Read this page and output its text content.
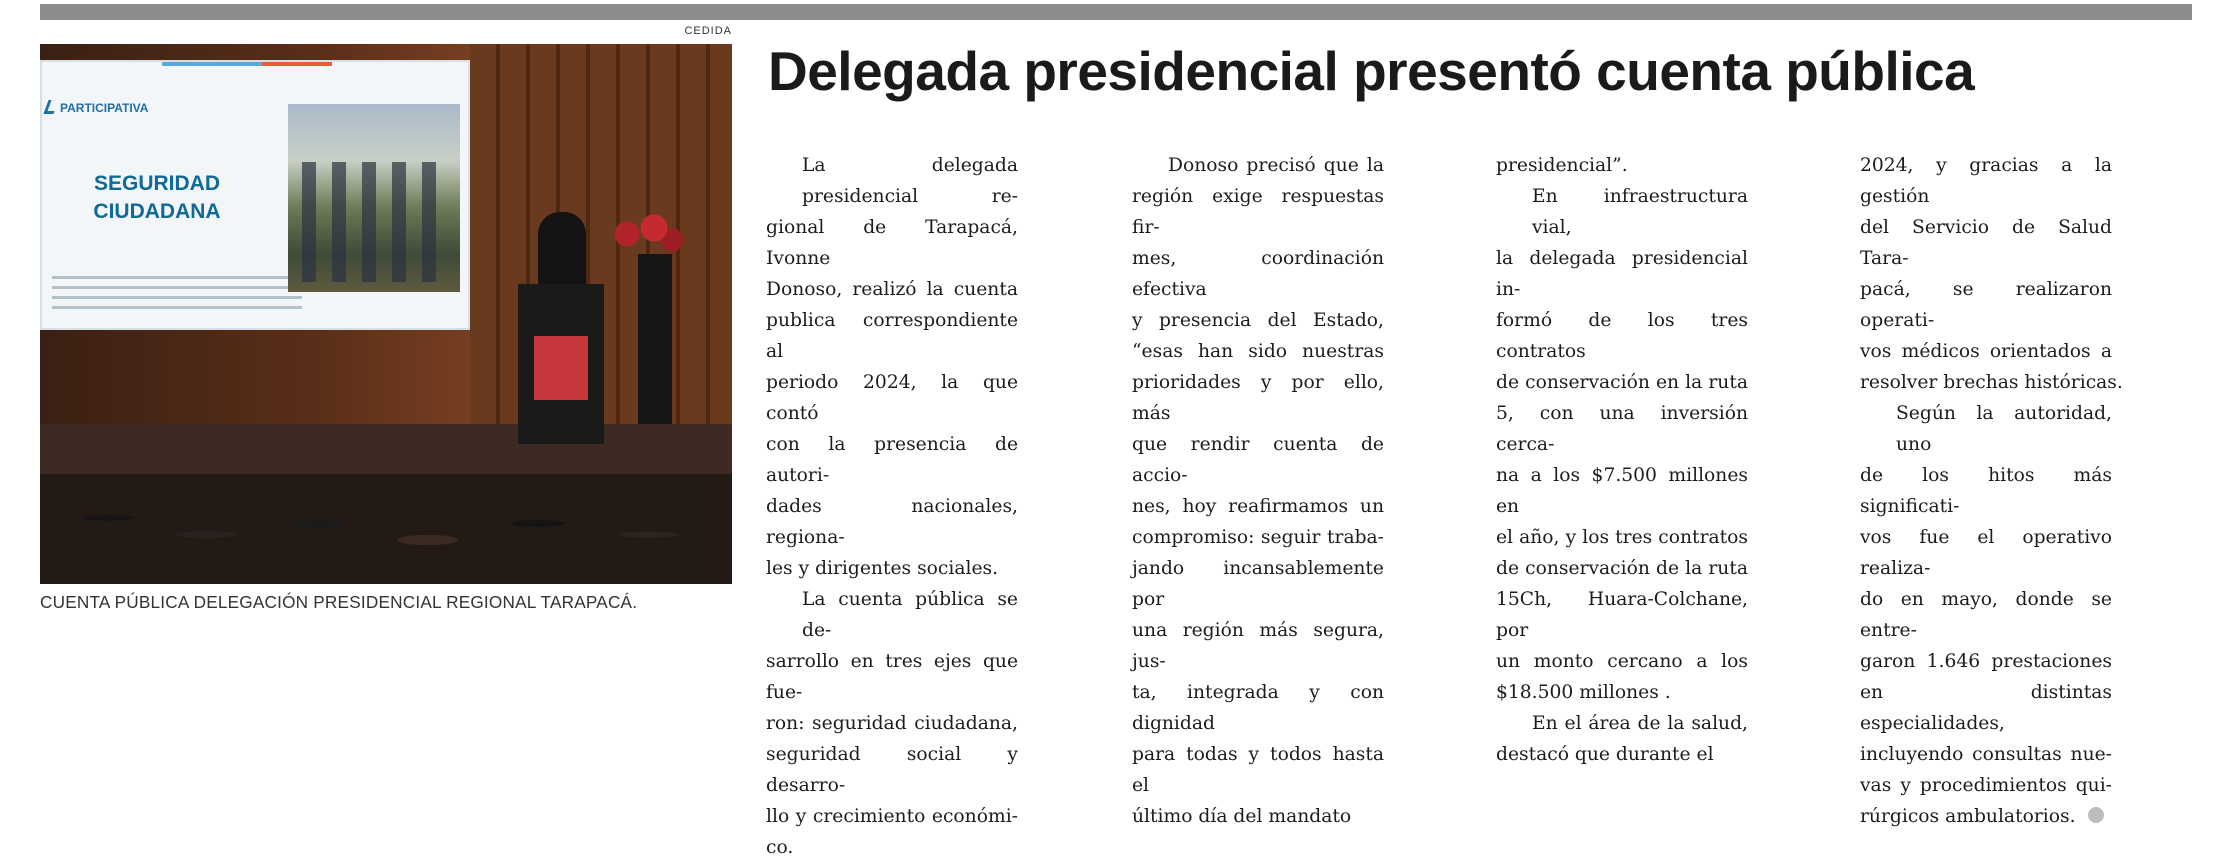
CEDIDA
PARTICIPATIVA
SEGURIDAD
CIUDADANA
CUENTA PÚBLICA DELEGACIÓN PRESIDENCIAL REGIONAL TARAPACÁ.
Delegada presidencial presentó cuenta pública

La delegada presidencial re-
gional de Tarapacá, Ivonne
Donoso, realizó la cuenta
publica correspondiente al
periodo 2024, la que contó
con la presencia de autori-
dades nacionales, regiona-
les y dirigentes sociales.

La cuenta pública se de-
sarrollo en tres ejes que fue-
ron: seguridad ciudadana,
seguridad social y desarro-
llo y crecimiento económi-
co.

Donoso precisó que la
región exige respuestas fir-
mes, coordinación efectiva
y presencia del Estado,
“esas han sido nuestras
prioridades y por ello, más
que rendir cuenta de accio-
nes, hoy reafirmamos un
compromiso: seguir traba-
jando incansablemente por
una región más segura, jus-
ta, integrada y con dignidad
para todas y todos hasta el
último día del mandato

presidencial”.

En infraestructura vial,
la delegada presidencial in-
formó de los tres contratos
de conservación en la ruta
5, con una inversión cerca-
na a los $7.500 millones en
el año, y los tres contratos
de conservación de la ruta
15Ch, Huara-Colchane, por
un monto cercano a los
$18.500 millones .

En el área de la salud,
destacó que durante el

2024, y gracias a la gestión
del Servicio de Salud Tara-
pacá, se realizaron operati-
vos médicos orientados a
resolver brechas históricas.

Según la autoridad, uno
de los hitos más significati-
vos fue el operativo realiza-
do en mayo, donde se entre-
garon 1.646 prestaciones
en distintas especialidades,
incluyendo consultas nue-
vas y procedimientos qui-
rúrgicos ambulatorios.
